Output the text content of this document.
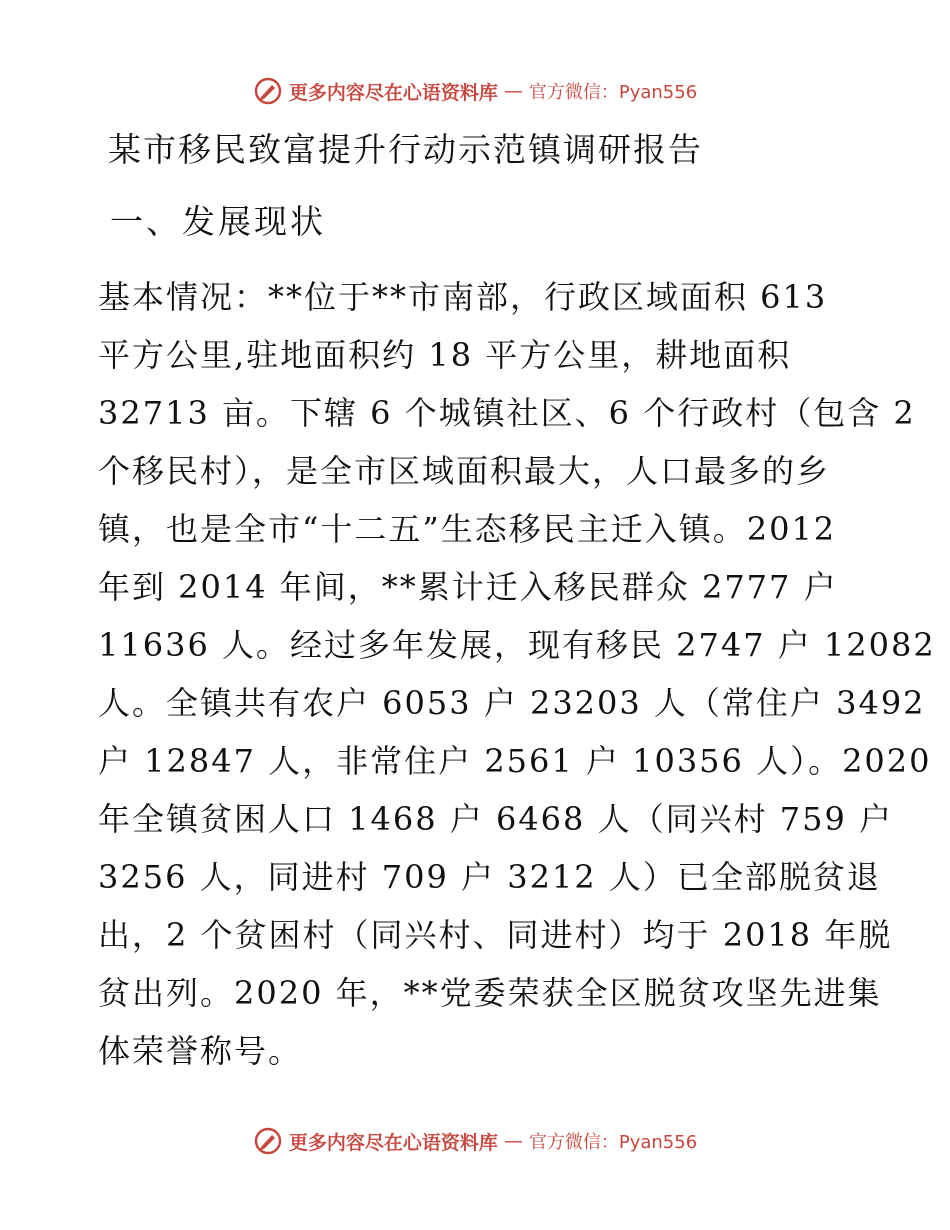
更多内容尽在心语资料库 — 官方微信：Pyan556
某市移民致富提升行动示范镇调研报告
一、发展现状
基本情况：**位于**市南部，行政区域面积 613
平方公里,驻地面积约 18 平方公里，耕地面积
32713 亩。下辖 6 个城镇社区、6 个行政村（包含 2
个移民村），是全市区域面积最大，人口最多的乡
镇，也是全市“十二五”生态移民主迁入镇。2012
年到 2014 年间，**累计迁入移民群众 2777 户
11636 人。经过多年发展，现有移民 2747 户 12082
人。全镇共有农户 6053 户 23203 人（常住户 3492
户 12847 人，非常住户 2561 户 10356 人）。2020
年全镇贫困人口 1468 户 6468 人（同兴村 759 户
3256 人，同进村 709 户 3212 人）已全部脱贫退
出，2 个贫困村（同兴村、同进村）均于 2018 年脱
贫出列。2020 年，**党委荣获全区脱贫攻坚先进集
体荣誉称号。
更多内容尽在心语资料库 — 官方微信：Pyan556
